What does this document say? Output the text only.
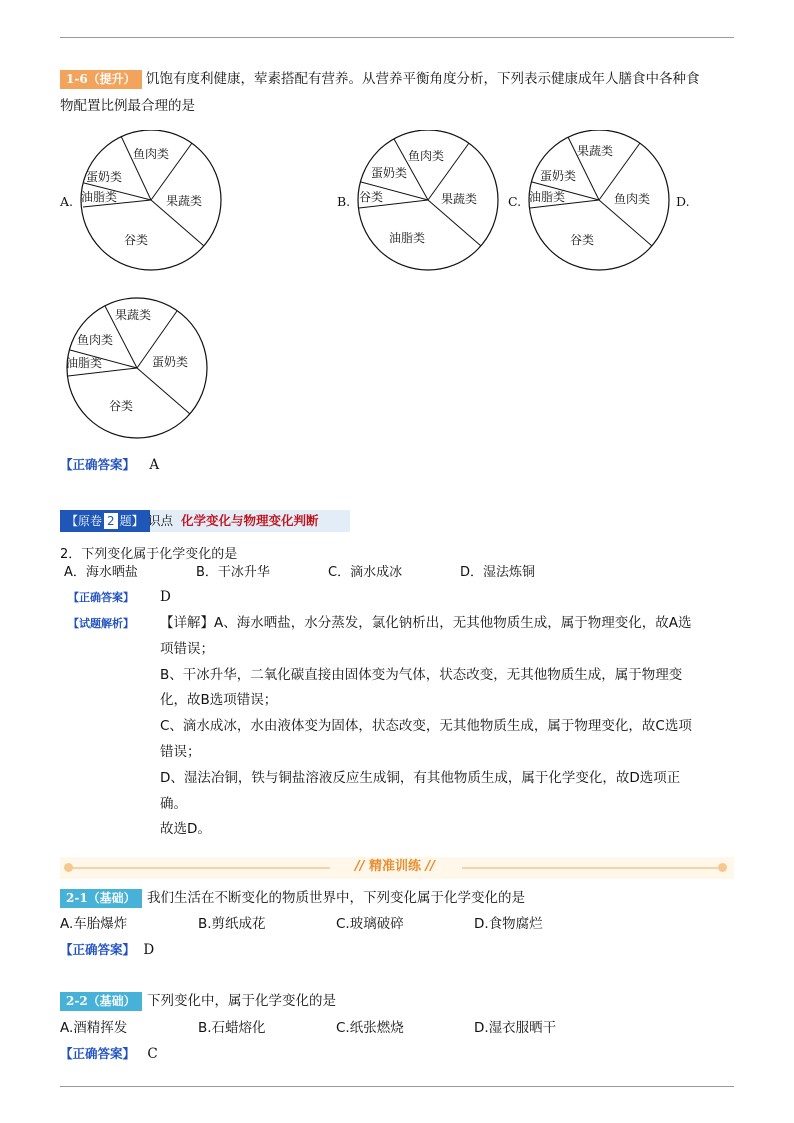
1-6（提升） 饥饱有度利健康，荤素搭配有营养。从营养平衡角度分析，下列表示健康成年人膳食中各种食
物配置比例最合理的是
A.
鱼肉类
果蔬类
谷类
油脂类
蛋奶类
B.
鱼肉类
果蔬类
油脂类
谷类
蛋奶类
C.
果蔬类
鱼肉类
谷类
油脂类
蛋奶类
D.
果蔬类
蛋奶类
谷类
油脂类
鱼肉类
【正确答案】 A
【原卷 2 题】 识点 化学变化与物理变化判断
2．下列变化属于化学变化的是
A．海水晒盐	B．干冰升华	C．滴水成冰	D．湿法炼铜
【正确答案】 D
【试题解析】 【详解】A、海水晒盐，水分蒸发，氯化钠析出，无其他物质生成，属于物理变化，故A选
项错误；
B、干冰升华，二氧化碳直接由固体变为气体，状态改变，无其他物质生成，属于物理变
化，故B选项错误；
C、滴水成冰，水由液体变为固体，状态改变，无其他物质生成，属于物理变化，故C选项
错误；
D、湿法冶铜，铁与铜盐溶液反应生成铜，有其他物质生成，属于化学变化，故D选项正
确。
故选D。
// 精准训练 //
2-1（基础） 我们生活在不断变化的物质世界中，下列变化属于化学变化的是
A.车胎爆炸	B.剪纸成花	C.玻璃破碎	D.食物腐烂
【正确答案】 D
2-2（基础） 下列变化中，属于化学变化的是
A.酒精挥发	B.石蜡熔化	C.纸张燃烧	D.湿衣服晒干
【正确答案】 C
